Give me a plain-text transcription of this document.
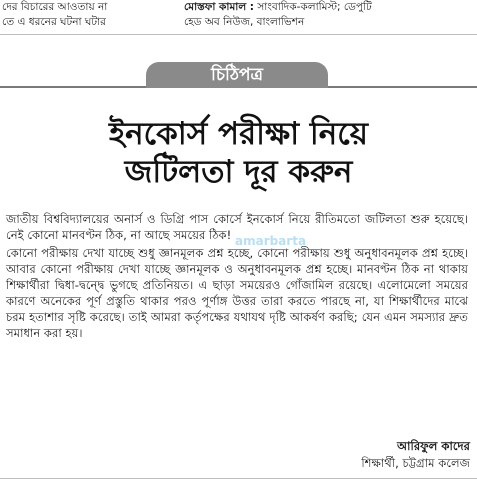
দের বিচারের আওতায় না
তে এ ধরনের ঘটনা ঘটার
মোস্তফা কামাল : সাংবাদিক-কলামিস্ট; ডেপুটি
হেড অব নিউজ, বাংলাভিশন
চিঠিপত্র
ইনকোর্স পরীক্ষা নিয়ে
জটিলতা দূর করুন

জাতীয় বিশ্ববিদ্যালয়ের অনার্স ও ডিগ্রি পাস কোর্সে ইনকোর্স নিয়ে রীতিমতো জটিলতা শুরু হয়েছে। নেই কোনো মানবণ্টন ঠিক, না আছে সময়ের ঠিক!

কোনো পরীক্ষায় দেখা যাচ্ছে শুধু জ্ঞানমূলক প্রশ্ন হচ্ছে, কোনো পরীক্ষায় শুধু অনুধাবনমূলক প্রশ্ন হচ্ছে। আবার কোনো পরীক্ষায় দেখা যাচ্ছে জ্ঞানমূলক ও অনুধাবনমূলক প্রশ্ন হচ্ছে। মানবণ্টন ঠিক না থাকায় শিক্ষার্থীরা দ্বিধা-দ্বন্দ্বে ভুগছে প্রতিনিয়ত। এ ছাড়া সময়েরও গোঁজামিল রয়েছে। এলোমেলো সময়ের কারণে অনেকের পূর্ণ প্রস্তুতি থাকার পরও পূর্ণাঙ্গ উত্তর তারা করতে পারছে না, যা শিক্ষার্থীদের মাঝে চরম হতাশার সৃষ্টি করেছে। তাই আমরা কর্তৃপক্ষের যথাযথ দৃষ্টি আকর্ষণ করছি; যেন এমন সমস্যার দ্রুত সমাধান করা হয়।

amarbarta
আরিফুল কাদের
শিক্ষার্থী, চট্টগ্রাম কলেজ
